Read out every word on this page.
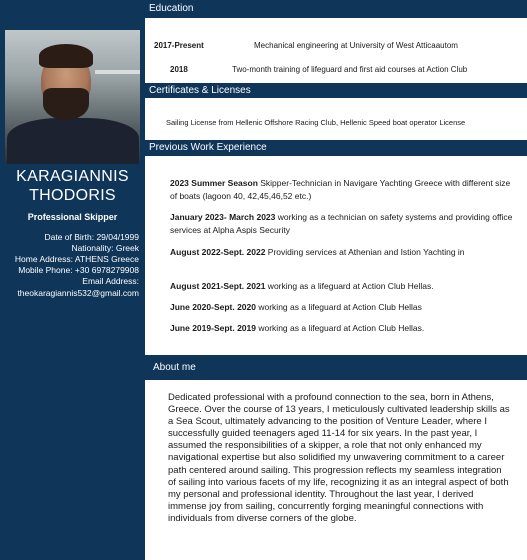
KARAGIANNIS
THODORIS
Professional Skipper
Date of Birth: 29/04/1999
Nationality: Greek
Home Address: ATHENS Greece
Mobile Phone: +30 6978279908
Email Address:
theokaragiannis532@gmail.com
Education
2017-Present	Mechanical engineering at University of West Atticaautom
2018	Two-month training of lifeguard and first aid courses at Action Club
Certificates & Licenses
Sailing License from Hellenic Offshore Racing Club, Hellenic Speed boat operator License
Previous Work Experience
2023 Summer Season Skipper-Technician in Navigare Yachting Greece with different size of boats (lagoon 40, 42,45,46,52 etc.)
January 2023- March 2023 working as a technician on safety systems and providing office services at Alpha Aspis Security
August 2022-Sept. 2022 Providing services at Athenian and Istion Yachting in
August 2021-Sept. 2021 working as a lifeguard at Action Club Hellas.
June 2020-Sept. 2020 working as a lifeguard at Action Club Hellas
June 2019-Sept. 2019 working as a lifeguard at Action Club Hellas.
About me
Dedicated professional with a profound connection to the sea, born in Athens, Greece. Over the course of 13 years, I meticulously cultivated leadership skills as a Sea Scout, ultimately advancing to the position of Venture Leader, where I successfully guided teenagers aged 11-14 for six years. In the past year, I assumed the responsibilities of a skipper, a role that not only enhanced my navigational expertise but also solidified my unwavering commitment to a career path centered around sailing. This progression reflects my seamless integration of sailing into various facets of my life, recognizing it as an integral aspect of both my personal and professional identity. Throughout the last year, I derived immense joy from sailing, concurrently forging meaningful connections with individuals from diverse corners of the globe.
